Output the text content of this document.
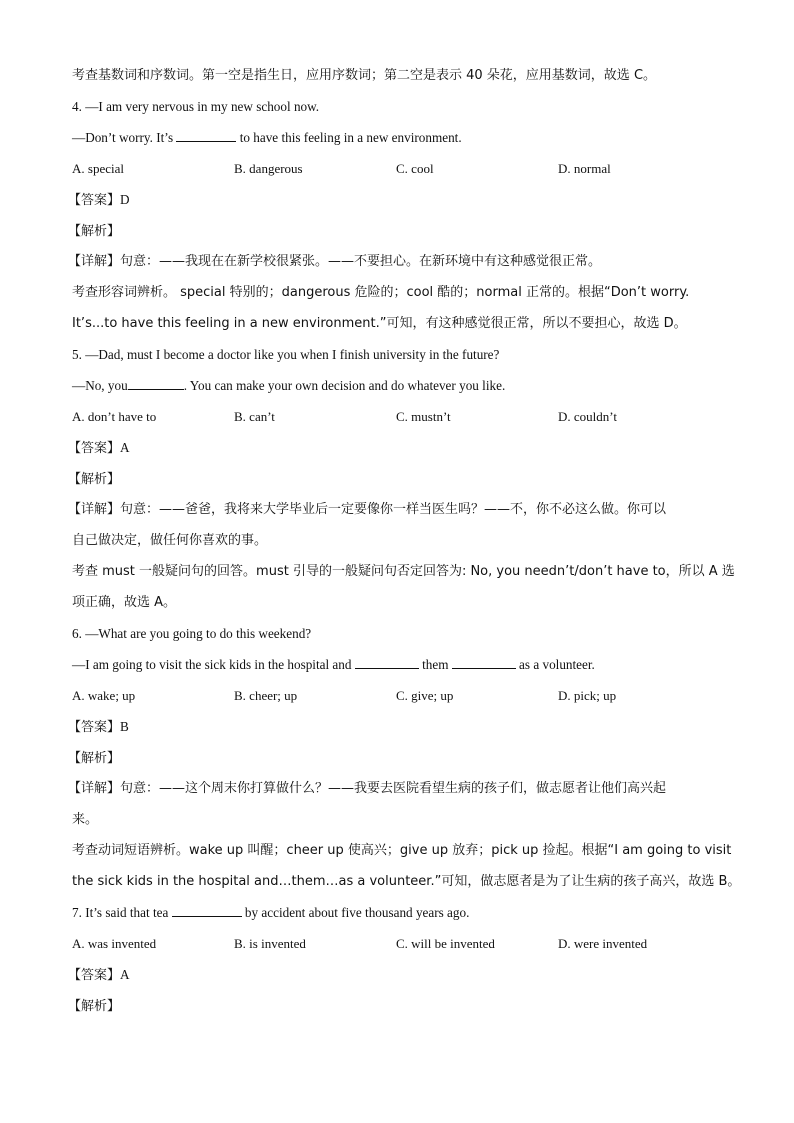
考查基数词和序数词。第一空是指生日，应用序数词；第二空是表示 40 朵花，应用基数词，故选 C。
4. —I am very nervous in my new school now.
—Don’t worry. It’s	to have this feeling in a new environment.
A. special	B. dangerous	C. cool	D. normal
【答案】D
【解析】
【详解】句意：——我现在在新学校很紧张。——不要担心。在新环境中有这种感觉很正常。
考查形容词辨析。 special 特别的；dangerous 危险的；cool 酷的；normal 正常的。根据“Don’t worry.
It’s...to have this feeling in a new environment.”可知，有这种感觉很正常，所以不要担心，故选 D。
5. —Dad, must I become a doctor like you when I finish university in the future?
—No, you	. You can make your own decision and do whatever you like.
A. don’t have to	B. can’t	C. mustn’t	D. couldn’t
【答案】A
【解析】
【详解】句意：——爸爸，我将来大学毕业后一定要像你一样当医生吗？——不，你不必这么做。你可以
自己做决定，做任何你喜欢的事。
考查 must 一般疑问句的回答。must 引导的一般疑问句否定回答为: No, you needn’t/don’t have to，所以 A 选
项正确，故选 A。
6. —What are you going to do this weekend?
—I am going to visit the sick kids in the hospital and	them	as a volunteer.
A. wake; up	B. cheer; up	C. give; up	D. pick; up
【答案】B
【解析】
【详解】句意：——这个周末你打算做什么？——我要去医院看望生病的孩子们，做志愿者让他们高兴起
来。
考查动词短语辨析。wake up 叫醒；cheer up 使高兴；give up 放弃；pick up 捡起。根据“I am going to visit
the sick kids in the hospital and…them…as a volunteer.”可知，做志愿者是为了让生病的孩子高兴，故选 B。
7. It’s said that tea	by accident about five thousand years ago.
A. was invented	B. is invented	C. will be invented	D. were invented
【答案】A
【解析】
